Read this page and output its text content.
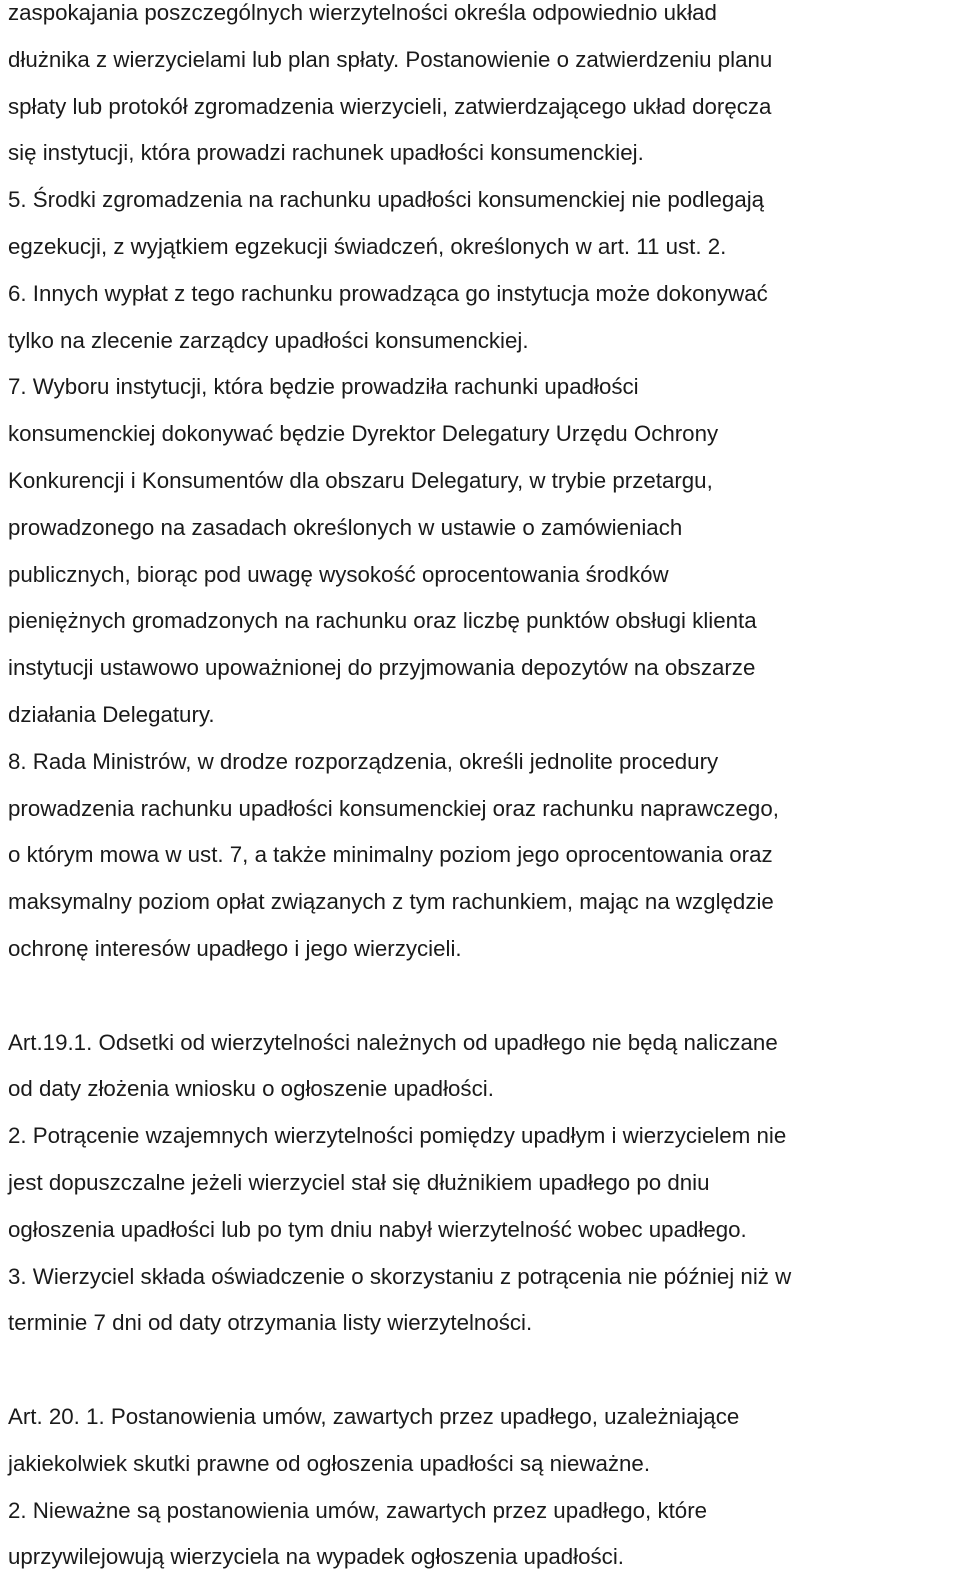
zaspokajania poszczególnych wierzytelności określa odpowiednio układ

dłużnika z wierzycielami lub plan spłaty. Postanowienie o zatwierdzeniu planu

spłaty lub protokół zgromadzenia wierzycieli, zatwierdzającego układ doręcza

się instytucji, która prowadzi rachunek upadłości konsumenckiej.

5. Środki zgromadzenia na rachunku upadłości konsumenckiej nie podlegają

egzekucji, z wyjątkiem egzekucji świadczeń, określonych w art. 11 ust. 2.

6. Innych wypłat z tego rachunku prowadząca go instytucja może dokonywać

tylko na zlecenie zarządcy upadłości konsumenckiej.

7. Wyboru instytucji, która będzie prowadziła rachunki upadłości

konsumenckiej dokonywać będzie Dyrektor Delegatury Urzędu Ochrony

Konkurencji i Konsumentów dla obszaru Delegatury, w trybie przetargu,

prowadzonego na zasadach określonych w ustawie o zamówieniach

publicznych, biorąc pod uwagę wysokość oprocentowania środków

pieniężnych gromadzonych na rachunku oraz liczbę punktów obsługi klienta

instytucji ustawowo upoważnionej do przyjmowania depozytów na obszarze

działania Delegatury.

8. Rada Ministrów, w drodze rozporządzenia, określi jednolite procedury

prowadzenia rachunku upadłości konsumenckiej oraz rachunku naprawczego,

o którym mowa w ust. 7, a także minimalny poziom jego oprocentowania oraz

maksymalny poziom opłat związanych z tym rachunkiem, mając na względzie

ochronę interesów upadłego i jego wierzycieli.

Art.19.1. Odsetki od wierzytelności należnych od upadłego nie będą naliczane

od daty złożenia wniosku o ogłoszenie upadłości.

2. Potrącenie wzajemnych wierzytelności pomiędzy upadłym i wierzycielem nie

jest dopuszczalne jeżeli wierzyciel stał się dłużnikiem upadłego po dniu

ogłoszenia upadłości lub po tym dniu nabył wierzytelność wobec upadłego.

3. Wierzyciel składa oświadczenie o skorzystaniu z potrącenia nie później niż w

terminie 7 dni od daty otrzymania listy wierzytelności.

Art. 20. 1. Postanowienia umów, zawartych przez upadłego, uzależniające

jakiekolwiek skutki prawne od ogłoszenia upadłości są nieważne.

2. Nieważne są postanowienia umów, zawartych przez upadłego, które

uprzywilejowują wierzyciela na wypadek ogłoszenia upadłości.
